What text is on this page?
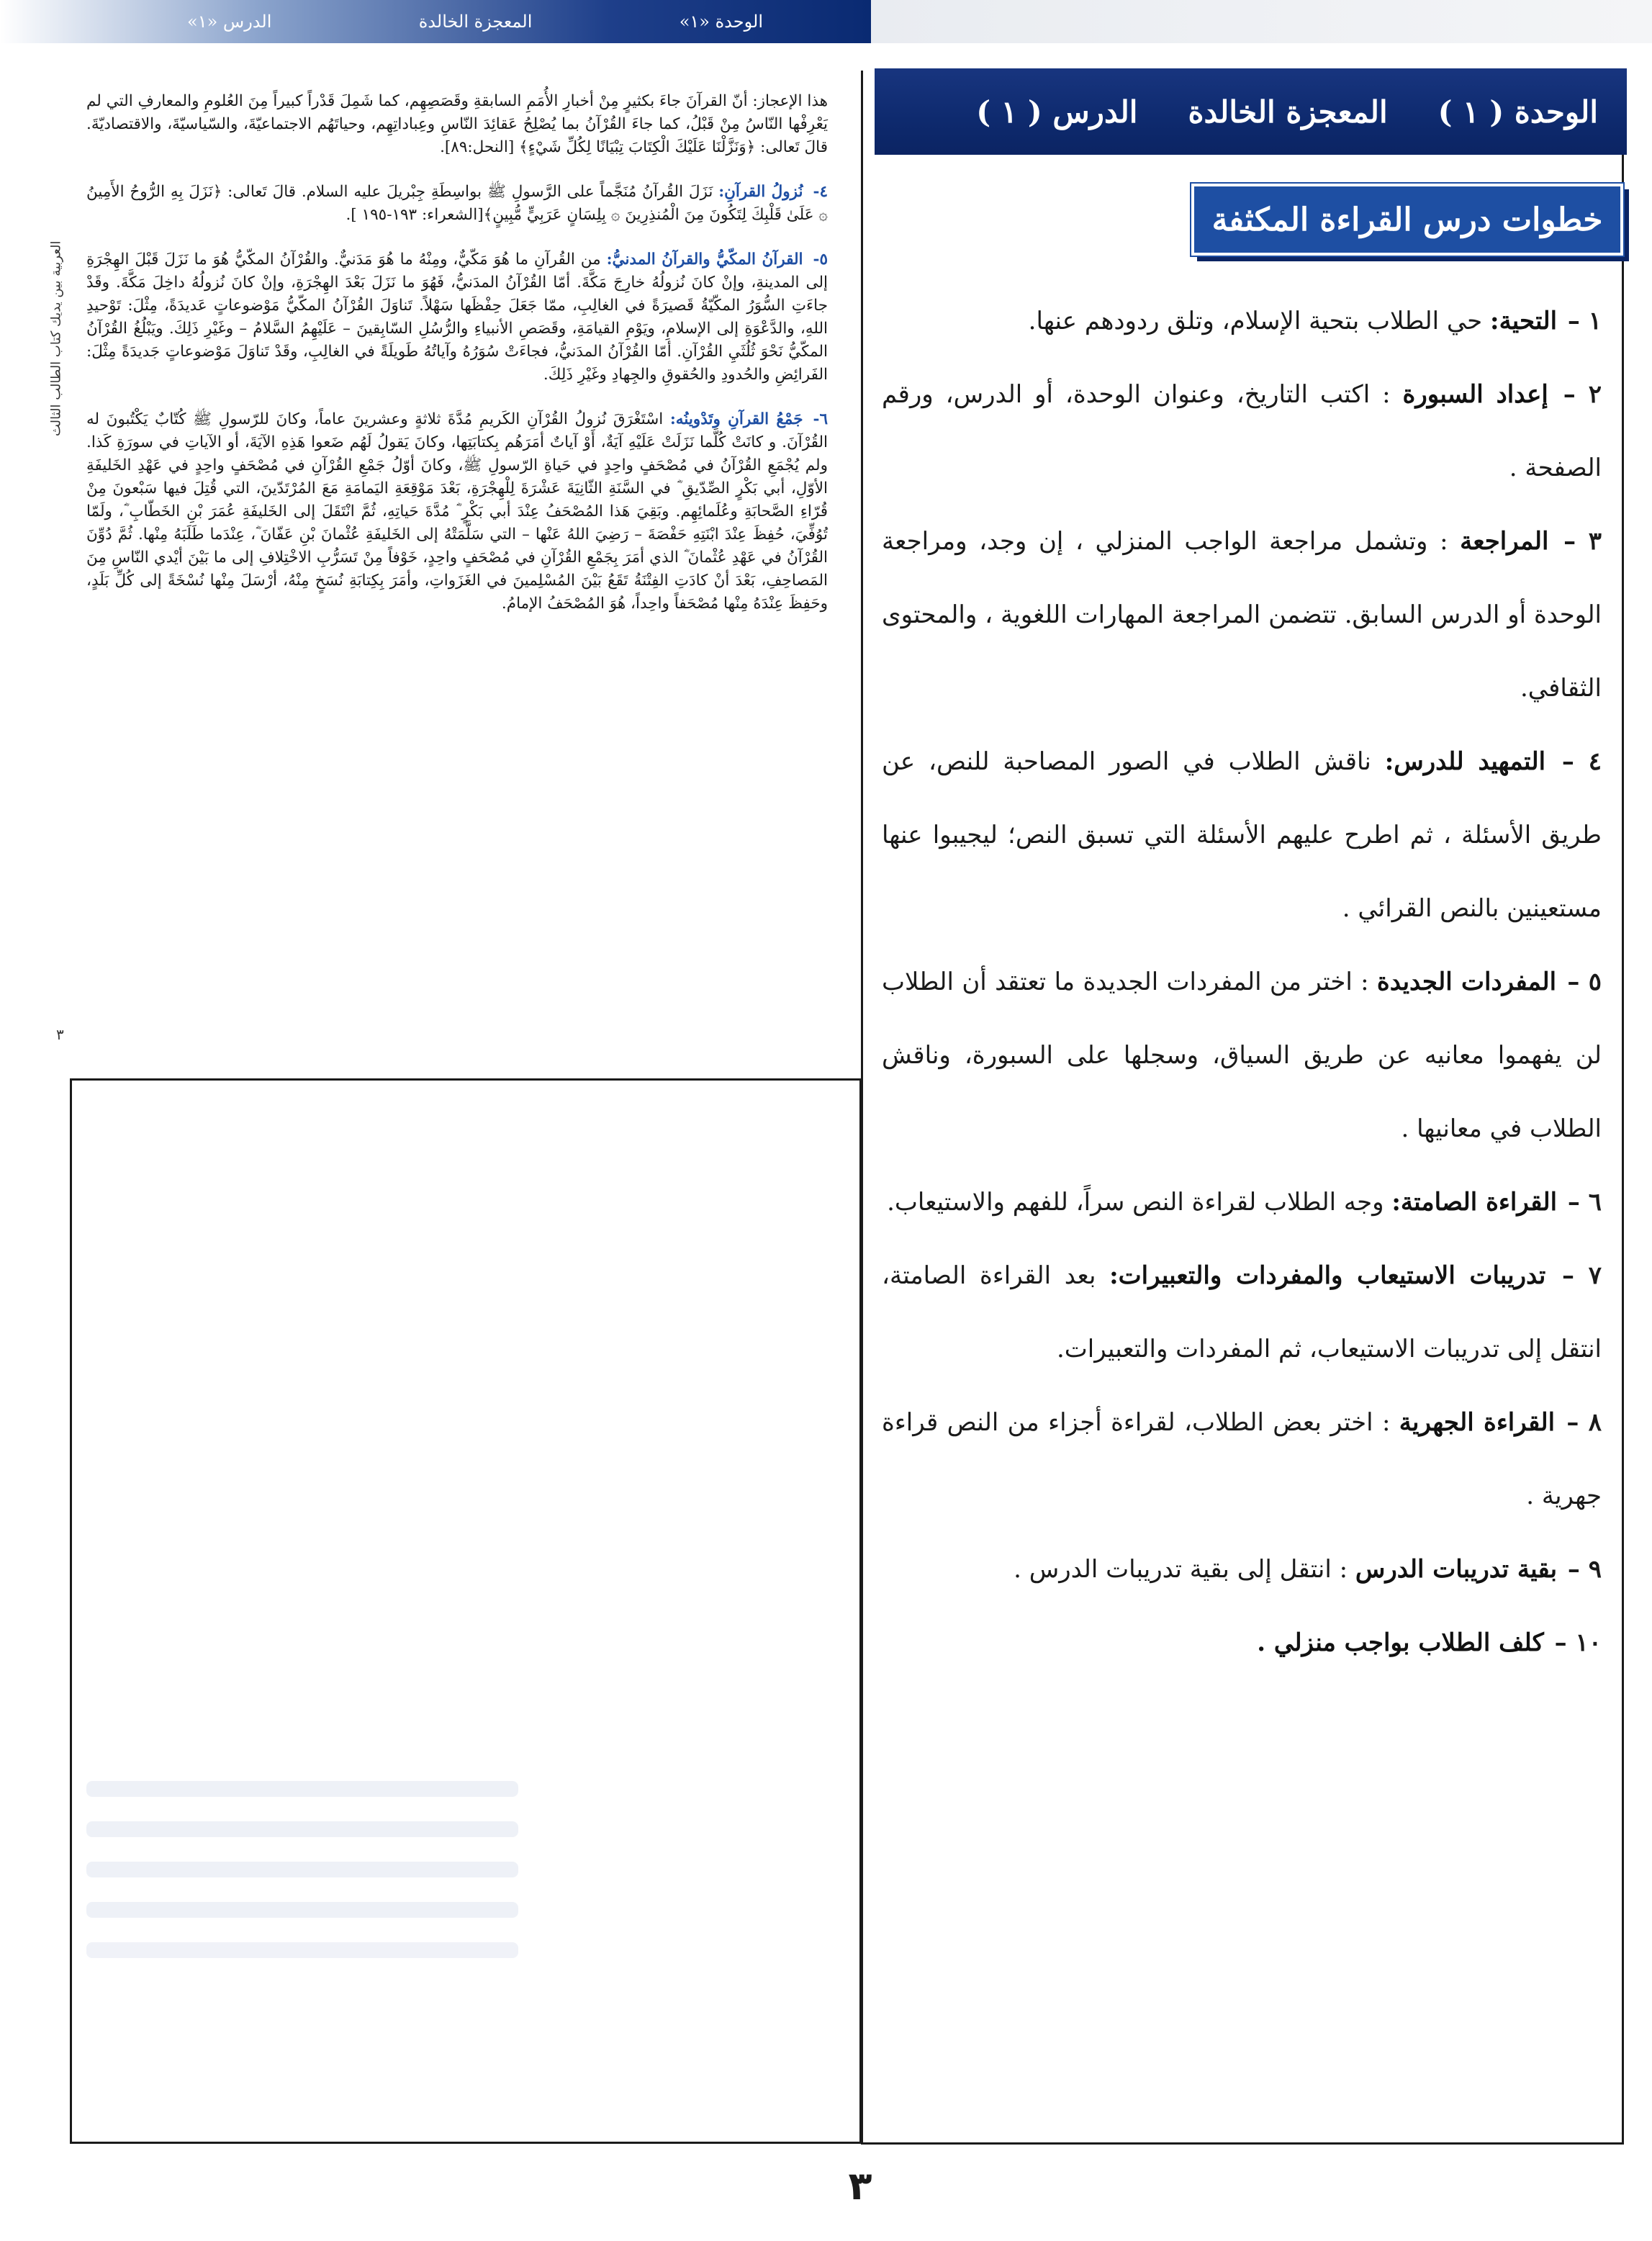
الوحدة «١»
المعجزة الخالدة
الدرس «١»

هذا الإعجاز: أنّ القرآنَ جاءَ بكثيرٍ مِنْ أخبارِ الأُمَمِ السابقةِ وقَصَصِهِم، كما شَمِلَ قَدْراً كبيراً مِنَ العُلومِ والمعارفِ التي لم يَعْرِفْها النّاسُ مِنْ قَبْلُ، كما جاءَ القُرْآنُ بما يُصْلِحُ عَقائِدَ النّاسِ وعِباداتِهِم، وحياتَهُم الاجتماعيّةَ، والسّياسيّةَ، والاقتصاديّةَ. قالَ تَعالى: ﴿وَنَزَّلْنَا عَلَيْكَ الْكِتَابَ تِبْيَانًا لِكُلِّ شَيْءٍ﴾ [النحل:٨٩].

٤-نُزولُ القرآنِ: نَزَلَ القُرآنُ مُنَجَّماً على الرَّسولِ ﷺ بواسِطَةِ جِبْريلَ عليه السلام. قالَ تَعالى: ﴿نَزَلَ بِهِ الرُّوحُ الأَمِينُ ۞ عَلَىٰ قَلْبِكَ لِتَكُونَ مِنَ الْمُنذِرِينَ ۞ بِلِسَانٍ عَرَبِيٍّ مُّبِينٍ﴾[الشعراء: ١٩٣-١٩٥ ].

٥-القرآنُ المكّيُّ والقرآنُ المدنيُّ: من القُرآنِ ما هُوَ مَكّيٌّ، ومِنْهُ ما هُوَ مَدَنيٌّ. والقُرْآنُ المكّيُّ هُوَ ما نَزَلَ قَبْلَ الهِجْرَةِ إلى المدينةِ، وإنْ كانَ نُزولُهُ خارِجَ مَكَّةَ. أمّا القُرْآنُ المدَنيُّ، فَهُوَ ما نَزَلَ بَعْدَ الهِجْرَةِ، وإنْ كانَ نُزولُهُ داخِلَ مَكَّةَ. وقَدْ جاءَتِ السُّوَرُ المكّيّةُ قَصيرَةً في الغالِبِ، ممّا جَعَلَ حِفْظَها سَهْلاً. تَناوَلَ القُرْآنُ المكّيُّ مَوْضوعاتٍ عَديدَةً، مِثْلَ: تَوْحيدِ اللهِ، والدَّعْوَةِ إلى الإسلامِ، ويَوْمِ القيامَةِ، وقَصَصِ الأنبياءِ والرُّسُلِ السّابِقينَ – عَلَيْهِمُ السَّلامُ – وغَيْرِ ذَلِكَ. ويَبْلُغُ القُرْآنُ المكّيُّ نَحْوَ ثُلُثَيِ القُرْآنِ. أمّا القُرْآنُ المدَنيُّ، فجاءَتْ سُوَرُهُ وآياتُهُ طَويلَةً في الغالِبِ، وقَدْ تَناوَلَ مَوْضوعاتٍ جَديدَةً مِثْلَ: الفَرائِضِ والحُدودِ والحُقوقِ والجِهادِ وغَيْرِ ذَلِكَ.

٦-جَمْعُ القرآنِ وتَدْوينُه: اسْتَغْرَقَ نُزولُ القُرْآنِ الكَريمِ مُدَّةَ ثلاثةٍ وعشرينَ عاماً، وكانَ للرّسولِ ﷺ كُتّابٌ يَكْتُبونَ له القُرْآنَ. و كانَتْ كُلَّما نَزَلَتْ عَلَيْهِ آيَةٌ، أَوْ آياتٌ أمَرَهُم بِكتابَتِها، وكانَ يَقولُ لَهُم ضَعوا هَذِهِ الآيَةَ، أو الآياتِ في سورَةِ كَذا. ولم يُجْمَعِ القُرْآنُ في مُصْحَفٍ واحِدٍ في حَياةِ الرّسولِ ﷺ، وكانَ أوّلُ جَمْعِ القُرْآنِ في مُصْحَفٍ واحِدٍ في عَهْدِ الخَليفَةِ الأوّلِ، أبي بَكْرٍ الصِّدّيقِ ؓ في السَّنَةِ الثّانِيَةَ عَشْرَةَ لِلْهِجْرَةِ، بَعْدَ مَوْقِعَةِ اليَمامَةِ مَعَ المُرْتَدّينَ، التي قُتِلَ فيها سَبْعونَ مِنْ قُرّاءِ الصَّحابَةِ وعُلَمائِهِم. وبَقِيَ هَذا المُصْحَفُ عِنْدَ أبي بَكْرٍ ؓ مُدَّةَ حَياتِهِ، ثُمَّ انْتَقَلَ إلى الخَليفَةِ عُمَرَ بْنِ الخَطّابِ ؓ، ولَمّا تُوُفِّيَ، حُفِظَ عِنْدَ ابْنَتِهِ حَفْصَةَ – رَضِيَ اللهُ عَنْها – التي سَلَّمَتْهُ إلى الخَليفَةِ عُثْمانَ بْنِ عَفّانَ ؓ، عِنْدَما طَلَبَهُ مِنْها. ثُمَّ دُوِّنَ القُرْآنُ في عَهْدِ عُثْمانَ ؓ الذي أمَرَ بِجَمْعِ القُرْآنِ في مُصْحَفٍ واحِدٍ، خَوْفاً مِنْ تَسَرُّبِ الاخْتِلافِ إلى ما بَيْنَ أيْدي النّاسِ مِنَ المَصاحِفِ، بَعْدَ أنْ كادَتِ الفِتْنَةُ تَقَعُ بَيْنَ المُسْلِمينَ في الغَزَواتِ، وأمَرَ بِكِتابَةِ نُسَخٍ مِنْهُ، أرْسَلَ مِنْها نُسْخَةً إلى كُلِّ بَلَدٍ، وحَفِظَ عِنْدَهُ مِنْها مُصْحَفاً واحِداً، هُوَ المُصْحَفُ الإمامُ.

العربية بين يديك كتاب الطالب الثالث
٣
الوحدة ( ١ )
المعجزة الخالدة
الدرس ( ١ )
خطوات درس القراءة المكثفة

١ – التحية: حي الطلاب بتحية الإسلام، وتلق ردودهم عنها.

٢ – إعداد السبورة : اكتب التاريخ، وعنوان الوحدة، أو الدرس، ورقم الصفحة .

٣ – المراجعة : وتشمل مراجعة الواجب المنزلي ، إن وجد، ومراجعة الوحدة أو الدرس السابق. تتضمن المراجعة المهارات اللغوية ، والمحتوى الثقافي.

٤ – التمهيد للدرس: ناقش الطلاب في الصور المصاحبة للنص، عن طريق الأسئلة ، ثم اطرح عليهم الأسئلة التي تسبق النص؛ ليجيبوا عنها مستعينين بالنص القرائي .

٥ – المفردات الجديدة : اختر من المفردات الجديدة ما تعتقد أن الطلاب لن يفهموا معانيه عن طريق السياق، وسجلها على السبورة، وناقش الطلاب في معانيها .

٦ – القراءة الصامتة: وجه الطلاب لقراءة النص سراً، للفهم والاستيعاب.

٧ – تدريبات الاستيعاب والمفردات والتعبيرات: بعد القراءة الصامتة، انتقل إلى تدريبات الاستيعاب، ثم المفردات والتعبيرات.

٨ – القراءة الجهرية : اختر بعض الطلاب، لقراءة أجزاء من النص قراءة جهرية .

٩ – بقية تدريبات الدرس : انتقل إلى بقية تدريبات الدرس .

١٠ – كلف الطلاب بواجب منزلي .

٣
